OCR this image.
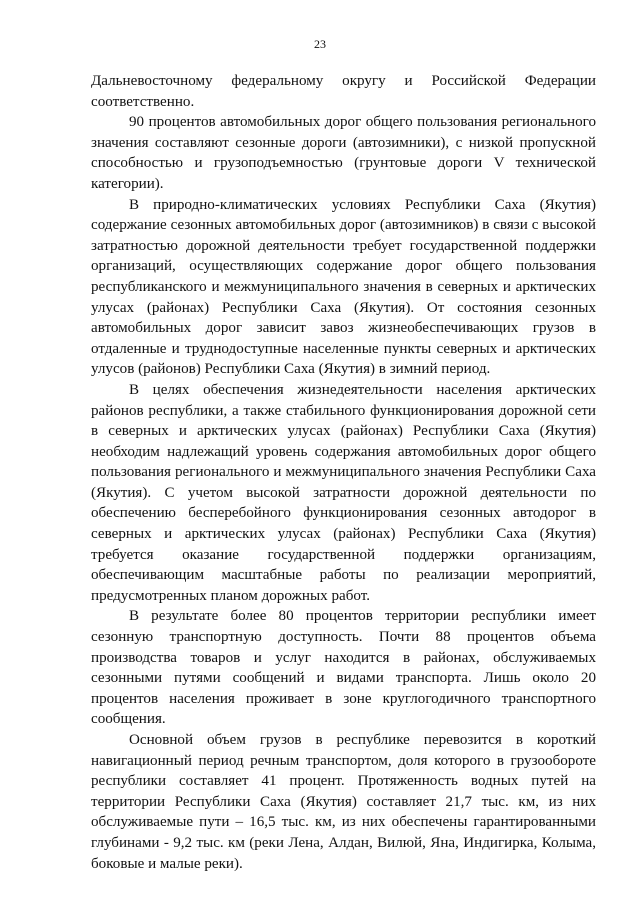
23

Дальневосточному федеральному округу и Российской Федерации соответственно.

90 процентов автомобильных дорог общего пользования регионального значения составляют сезонные дороги (автозимники), с низкой пропускной способностью и грузоподъемностью (грунтовые дороги V технической категории).

В природно-климатических условиях Республики Саха (Якутия) содержание сезонных автомобильных дорог (автозимников) в связи с высокой затратностью дорожной деятельности требует государственной поддержки организаций, осуществляющих содержание дорог общего пользования республиканского и межмуниципального значения в северных и арктических улусах (районах) Республики Саха (Якутия). От состояния сезонных автомобильных дорог зависит завоз жизнеобеспечивающих грузов в отдаленные и труднодоступные населенные пункты северных и арктических улусов (районов) Республики Саха (Якутия) в зимний период.

В целях обеспечения жизнедеятельности населения арктических районов республики, а также стабильного функционирования дорожной сети в северных и арктических улусах (районах) Республики Саха (Якутия) необходим надлежащий уровень содержания автомобильных дорог общего пользования регионального и межмуниципального значения Республики Саха (Якутия). С учетом высокой затратности дорожной деятельности по обеспечению бесперебойного функционирования сезонных автодорог в северных и арктических улусах (районах) Республики Саха (Якутия) требуется оказание государственной поддержки организациям, обеспечивающим масштабные работы по реализации мероприятий, предусмотренных планом дорожных работ.

В результате более 80 процентов территории республики имеет сезонную транспортную доступность. Почти 88 процентов объема производства товаров и услуг находится в районах, обслуживаемых сезонными путями сообщений и видами транспорта. Лишь около 20 процентов населения проживает в зоне круглогодичного транспортного сообщения.

Основной объем грузов в республике перевозится в короткий навигационный период речным транспортом, доля которого в грузообороте республики составляет 41 процент. Протяженность водных путей на территории Республики Саха (Якутия) составляет 21,7 тыс. км, из них обслуживаемые пути – 16,5 тыс. км, из них обеспечены гарантированными глубинами - 9,2 тыс. км (реки Лена, Алдан, Вилюй, Яна, Индигирка, Колыма, боковые и малые реки).
